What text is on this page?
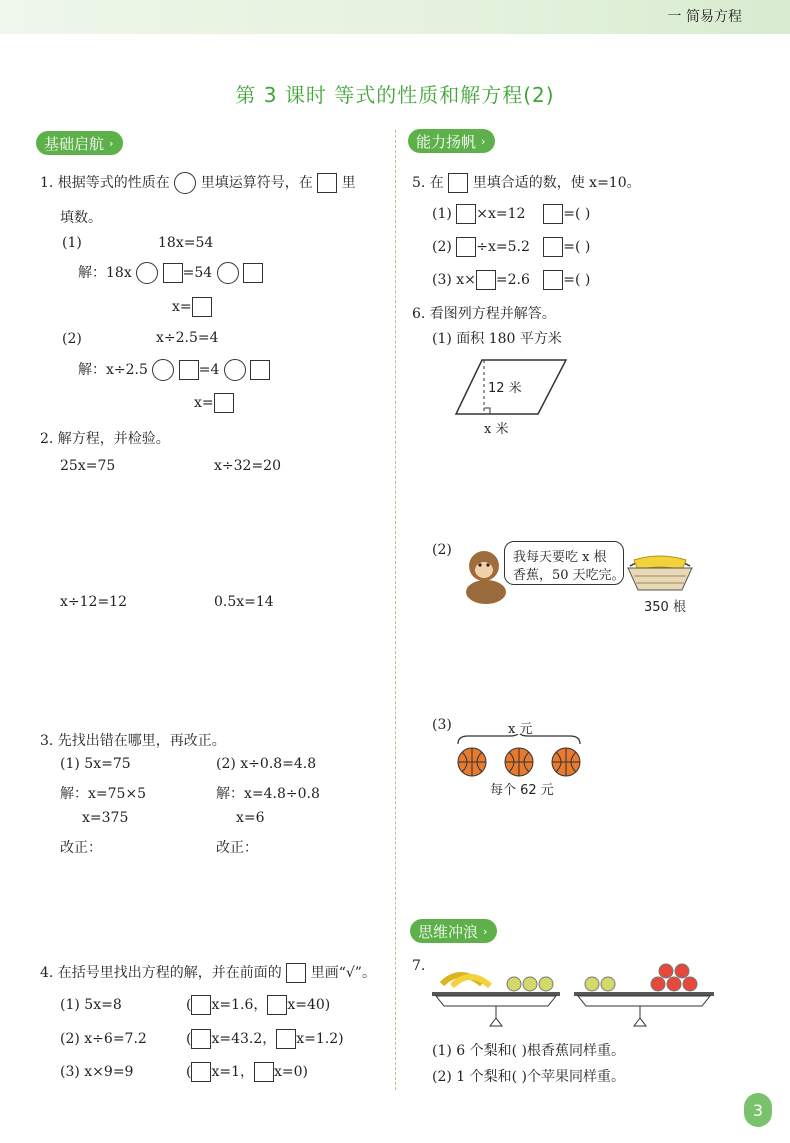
一 简易方程
第 3 课时 等式的性质和解方程(2)
基础启航 ›	能力扬帆 ›
思维冲浪 ›
1. 根据等式的性质在 里填运算符号，在 里
填数。
(1)	18x=54
解：18x	=54
x=
(2)	x÷2.5=4
解：x÷2.5	=4
x=
2. 解方程，并检验。
25x=75	x÷32=20
x÷12=12	0.5x=14
3. 先找出错在哪里，再改正。
(1) 5x=75
解：x=75×5
x=375
改正：
(2) x÷0.8=4.8
解：x=4.8÷0.8
x=6
改正：
4. 在括号里找出方程的解，并在前面的 里画“√”。
(1) 5x=8	( x=1.6， x=40)
(2) x÷6=7.2	( x=43.2， x=1.2)
(3) x×9=9	( x=1， x=0)
5. 在 里填合适的数，使 x=10。
(1) ×x=12	=( )
(2) ÷x=5.2 =( )
(3) x× =2.6 =( )
6. 看图列方程并解答。
(1) 面积 180 平方米
12 米
x 米
(2)	我每天要吃 x 根
香蕉，50 天吃完。
350 根
(3)	x 元
每个 62 元
7.
(1) 6 个梨和( )根香蕉同样重。
(2) 1 个梨和( )个苹果同样重。
3
